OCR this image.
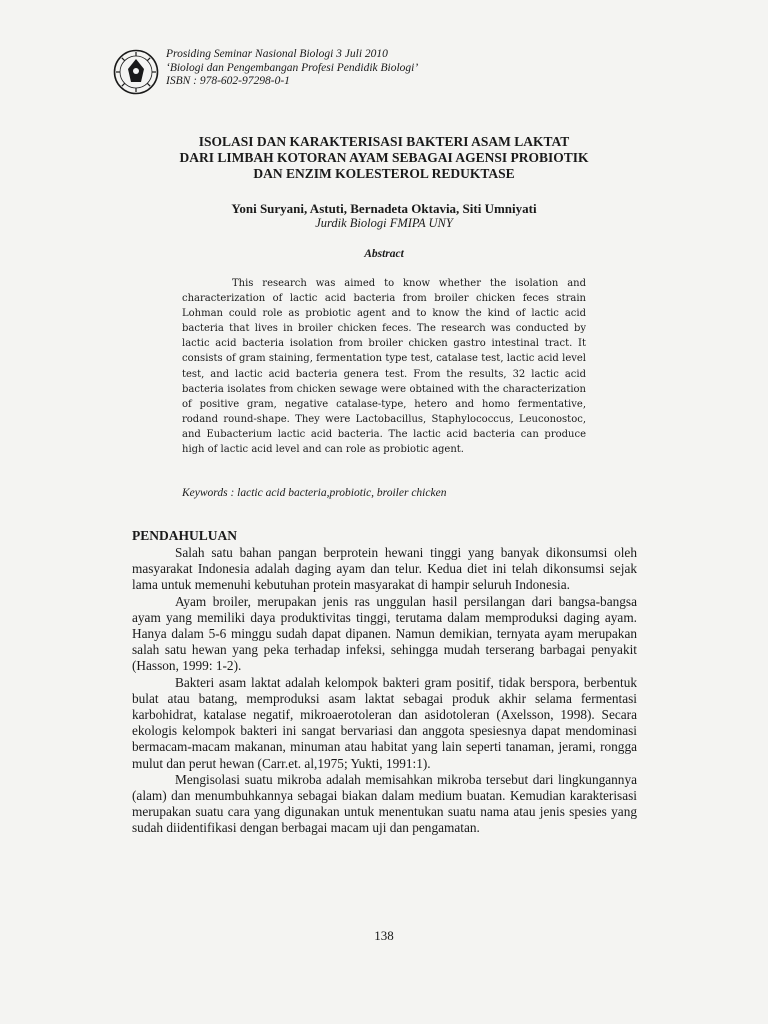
Prosiding Seminar Nasional Biologi 3 Juli 2010
‘Biologi dan Pengembangan Profesi Pendidik Biologi’
ISBN : 978-602-97298-0-1
ISOLASI DAN KARAKTERISASI BAKTERI ASAM LAKTAT
DARI LIMBAH KOTORAN AYAM SEBAGAI AGENSI PROBIOTIK
DAN ENZIM KOLESTEROL REDUKTASE
Yoni Suryani, Astuti, Bernadeta Oktavia, Siti Umniyati
Jurdik Biologi FMIPA UNY
Abstract

This research was aimed to know whether the isolation and characterization of lactic acid bacteria from broiler chicken feces strain Lohman could role as probiotic agent and to know the kind of lactic acid bacteria that lives in broiler chicken feces. The research was conducted by lactic acid bacteria isolation from broiler chicken gastro intestinal tract. It consists of gram staining, fermentation type test, catalase test, lactic acid level test, and lactic acid bacteria genera test. From the results, 32 lactic acid bacteria isolates from chicken sewage were obtained with the characterization of positive gram, negative catalase-type, hetero and homo fermentative, rodand round-shape. They were Lactobacillus, Staphylococcus, Leuconostoc, and Eubacterium lactic acid bacteria. The lactic acid bacteria can produce high of lactic acid level and can role as probiotic agent.

Keywords : lactic acid bacteria,probiotic, broiler chicken
PENDAHULUAN

Salah satu bahan pangan berprotein hewani tinggi yang banyak dikonsumsi oleh masyarakat Indonesia adalah daging ayam dan telur. Kedua diet ini telah dikonsumsi sejak lama untuk memenuhi kebutuhan protein masyarakat di hampir seluruh Indonesia.

Ayam broiler, merupakan jenis ras unggulan hasil persilangan dari bangsa-bangsa ayam yang memiliki daya produktivitas tinggi, terutama dalam memproduksi daging ayam. Hanya dalam 5-6 minggu sudah dapat dipanen. Namun demikian, ternyata ayam merupakan salah satu hewan yang peka terhadap infeksi, sehingga mudah terserang barbagai penyakit (Hasson, 1999: 1-2).

Bakteri asam laktat adalah kelompok bakteri gram positif, tidak berspora, berbentuk bulat atau batang, memproduksi asam laktat sebagai produk akhir selama fermentasi karbohidrat, katalase negatif, mikroaerotoleran dan asidotoleran (Axelsson, 1998). Secara ekologis kelompok bakteri ini sangat bervariasi dan anggota spesiesnya dapat mendominasi bermacam-macam makanan, minuman atau habitat yang lain seperti tanaman, jerami, rongga mulut dan perut hewan (Carr.et. al,1975; Yukti, 1991:1).

Mengisolasi suatu mikroba adalah memisahkan mikroba tersebut dari lingkungannya (alam) dan menumbuhkannya sebagai biakan dalam medium buatan. Kemudian karakterisasi merupakan suatu cara yang digunakan untuk menentukan suatu nama atau jenis spesies yang sudah diidentifikasi dengan berbagai macam uji dan pengamatan.

138
